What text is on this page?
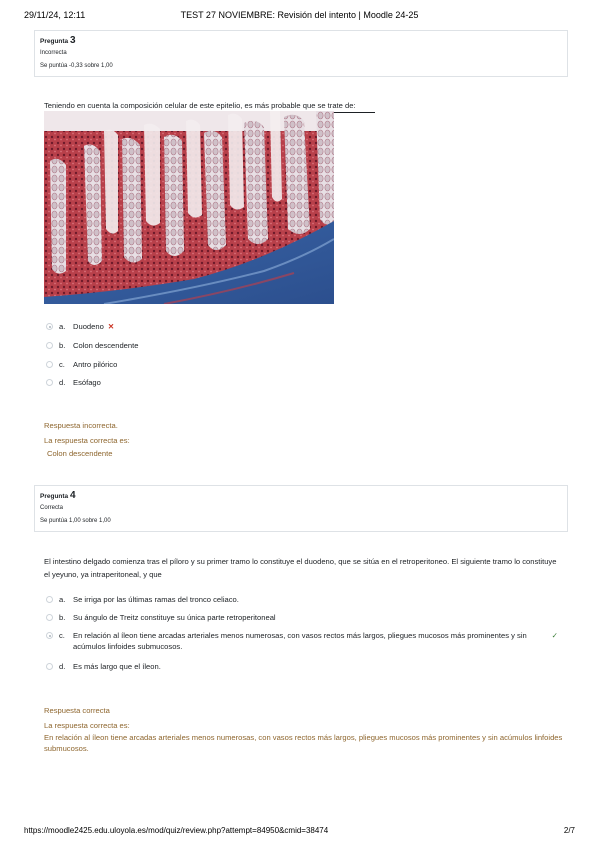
29/11/24, 12:11	TEST 27 NOVIEMBRE: Revisión del intento | Moodle 24-25
Pregunta 3
Incorrecta
Se puntúa -0,33 sobre 1,00
Teniendo en cuenta la composición celular de este epitelio, es más probable que se trate de:
a.	Duodeno ✕
b.	Colon descendente
c.	Antro pilórico
d.	Esófago
Respuesta incorrecta.
La respuesta correcta es:
Colon descendente
Pregunta 4
Correcta
Se puntúa 1,00 sobre 1,00
El intestino delgado comienza tras el píloro y su primer tramo lo constituye el duodeno, que se sitúa en el retroperitoneo. El siguiente tramo lo constituye el yeyuno, ya intraperitoneal, y que
a.	Se irriga por las últimas ramas del tronco celiaco.
b.	Su ángulo de Treitz constituye su única parte retroperitoneal
c.	En relación al íleon tiene arcadas arteriales menos numerosas, con vasos rectos más largos, pliegues mucosos más prominentes y sin acúmulos linfoides submucosos.
✓
d.	Es más largo que el íleon.
Respuesta correcta
La respuesta correcta es:
En relación al íleon tiene arcadas arteriales menos numerosas, con vasos rectos más largos, pliegues mucosos más prominentes y sin acúmulos linfoides submucosos.
https://moodle2425.edu.uloyola.es/mod/quiz/review.php?attempt=84950&cmid=38474	2/7
